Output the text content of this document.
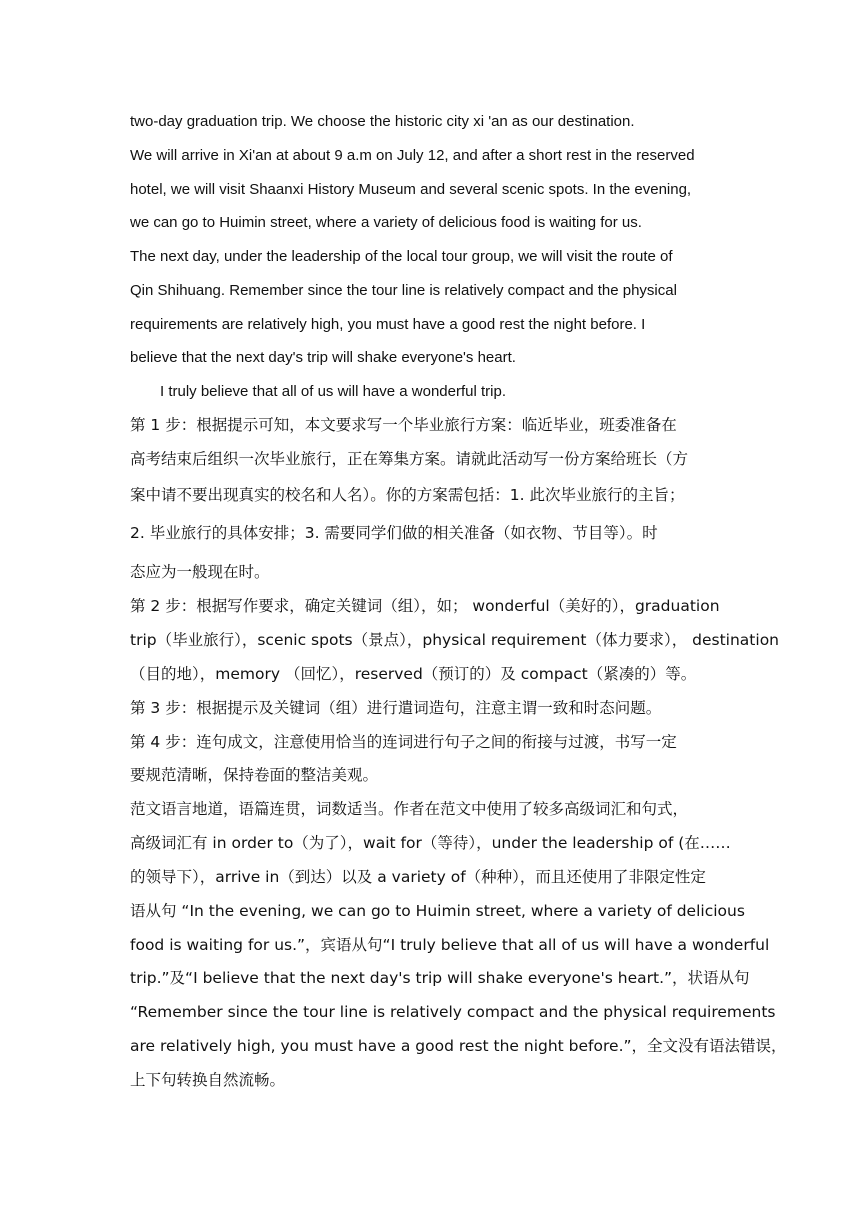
two-day graduation trip. We choose the historic city xi 'an as our destination.
We will arrive in Xi'an at about 9 a.m on July 12, and after a short rest in the reserved
hotel, we will visit Shaanxi History Museum and several scenic spots. In the evening,
we can go to Huimin street, where a variety of delicious food is waiting for us.
The next day, under the leadership of the local tour group, we will visit the route of
Qin Shihuang. Remember since the tour line is relatively compact and the physical
requirements are relatively high, you must have a good rest the night before. I
believe that the next day's trip will shake everyone's heart.
I truly believe that all of us will have a wonderful trip.
第 1 步：根据提示可知，本文要求写一个毕业旅行方案：临近毕业，班委准备在
高考结束后组织一次毕业旅行，正在筹集方案。请就此活动写一份方案给班长（方
案中请不要出现真实的校名和人名）。你的方案需包括：1. 此次毕业旅行的主旨；
2. 毕业旅行的具体安排；3. 需要同学们做的相关准备（如衣物、节目等）。时
态应为一般现在时。
第 2 步：根据写作要求，确定关键词（组），如； wonderful（美好的），graduation
trip（毕业旅行），scenic spots（景点），physical requirement（体力要求）， destination
（目的地），memory （回忆），reserved（预订的）及 compact（紧凑的）等。
第 3 步：根据提示及关键词（组）进行遣词造句，注意主谓一致和时态问题。
第 4 步：连句成文，注意使用恰当的连词进行句子之间的衔接与过渡，书写一定
要规范清晰，保持卷面的整洁美观。
范文语言地道，语篇连贯，词数适当。作者在范文中使用了较多高级词汇和句式，
高级词汇有 in order to（为了），wait for（等待），under the leadership of (在……
的领导下），arrive in（到达）以及 a variety of（种种），而且还使用了非限定性定
语从句 “In the evening, we can go to Huimin street, where a variety of delicious
food is waiting for us.”，宾语从句“I truly believe that all of us will have a wonderful
trip.”及“I believe that the next day's trip will shake everyone's heart.”，状语从句
“Remember since the tour line is relatively compact and the physical requirements
are relatively high, you must have a good rest the night before.”，全文没有语法错误，
上下句转换自然流畅。
